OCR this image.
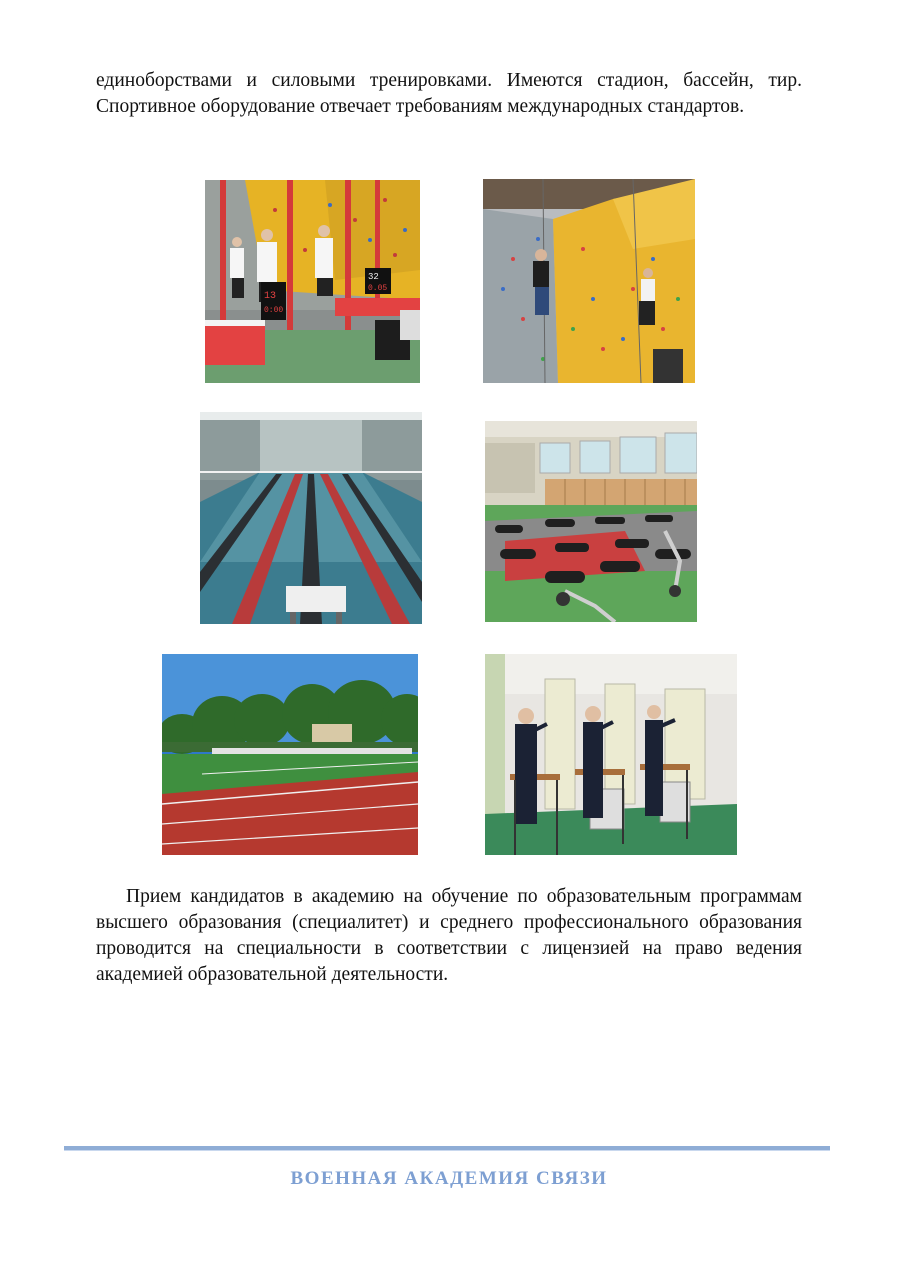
единоборствами и силовыми тренировками. Имеются стадион, бассейн, тир. Спортивное оборудование отвечает требованиям международных стандартов.

13
0:00
32
0.05

Прием кандидатов в академию на обучение по образовательным программам высшего образования (специалитет) и среднего профессионального образования проводится на специальности в соответствии с лицензией на право ведения академией образовательной деятельности.

ВОЕННАЯ АКАДЕМИЯ СВЯЗИ
